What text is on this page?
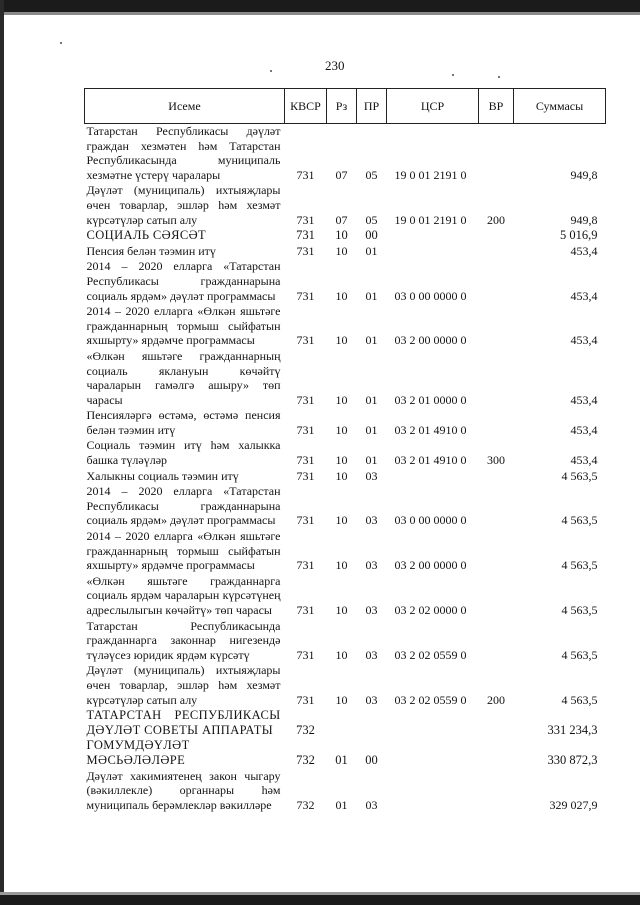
230
Исеме	КВСР	Рз	ПР	ЦСР	ВР	Суммасы
Татарстан Республикасы дәүләт граждан хезмәтен һәм Татарстан Республикасында муниципаль хезмәтне үстерү чаралары	731	07	05	19 0 01 2191 0		949,8
Дәүләт (муниципаль) ихтыяҗлары өчен товарлар, эшләр һәм хезмәт күрсәтүләр сатып алу	731	07	05	19 0 01 2191 0	200	949,8
СОЦИАЛЬ СӘЯСӘТ	731	10	00			5 016,9
Пенсия белән тәэмин итү	731	10	01			453,4
2014 – 2020 елларга «Татарстан Республикасы гражданнарына социаль ярдәм» дәүләт программасы	731	10	01	03 0 00 0000 0		453,4
2014 – 2020 елларга «Өлкән яшьтәге гражданнарның тормыш сыйфатын яхшырту» ярдәмче программасы	731	10	01	03 2 00 0000 0		453,4
«Өлкән яшьтәге гражданнарның социаль яклануын көчәйтү чараларын гамәлгә ашыру» төп чарасы	731	10	01	03 2 01 0000 0		453,4
Пенсияләргә өстәмә, өстәмә пенсия белән тәэмин итү	731	10	01	03 2 01 4910 0		453,4
Социаль тәэмин итү һәм халыкка башка түләүләр	731	10	01	03 2 01 4910 0	300	453,4
Халыкны социаль тәэмин итү	731	10	03			4 563,5
2014 – 2020 елларга «Татарстан Республикасы гражданнарына социаль ярдәм» дәүләт программасы	731	10	03	03 0 00 0000 0		4 563,5
2014 – 2020 елларга «Өлкән яшьтәге гражданнарның тормыш сыйфатын яхшырту» ярдәмче программасы	731	10	03	03 2 00 0000 0		4 563,5
«Өлкән яшьтәге гражданнарга социаль ярдәм чараларын күрсәтүнең адреслылыгын көчәйтү» төп чарасы	731	10	03	03 2 02 0000 0		4 563,5
Татарстан Республикасында гражданнарга законнар нигезендә түләүсез юридик ярдәм күрсәтү	731	10	03	03 2 02 0559 0		4 563,5
Дәүләт (муниципаль) ихтыяҗлары өчен товарлар, эшләр һәм хезмәт күрсәтүләр сатып алу	731	10	03	03 2 02 0559 0	200	4 563,5
ТАТАРСТАН РЕСПУБЛИКАСЫ ДӘҮЛӘТ СОВЕТЫ АППАРАТЫ	732					331 234,3
ГОМУМДӘҮЛӘТ МӘСЬӘЛӘЛӘРЕ	732	01	00			330 872,3
Дәүләт хакимиятенең закон чыгару (вәкиллекле) органнары һәм муниципаль берәмлекләр вәкилләре	732	01	03			329 027,9
